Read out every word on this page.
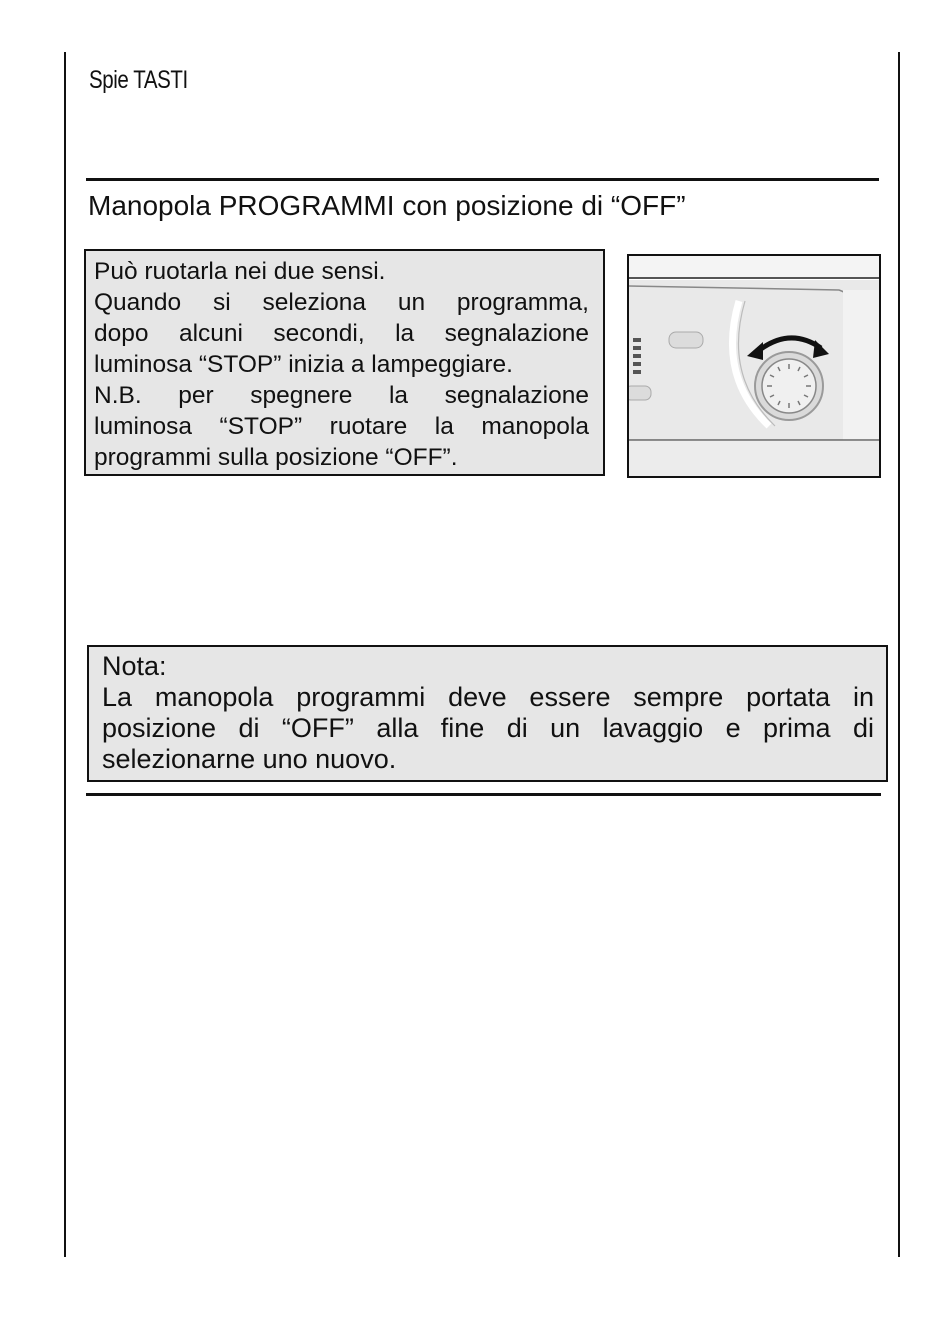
Spie TASTI
Manopola PROGRAMMI con posizione di “OFF”

Può ruotarla nei due sensi.

Quando si seleziona un programma,

dopo alcuni secondi, la segnalazione

luminosa “STOP” inizia a lampeggiare.

N.B. per spegnere la segnalazione

luminosa “STOP” ruotare la manopola

programmi sulla posizione “OFF”.

Nota:

La manopola programmi deve essere sempre portata in

posizione di “OFF” alla fine di un lavaggio e prima di

selezionarne uno nuovo.
